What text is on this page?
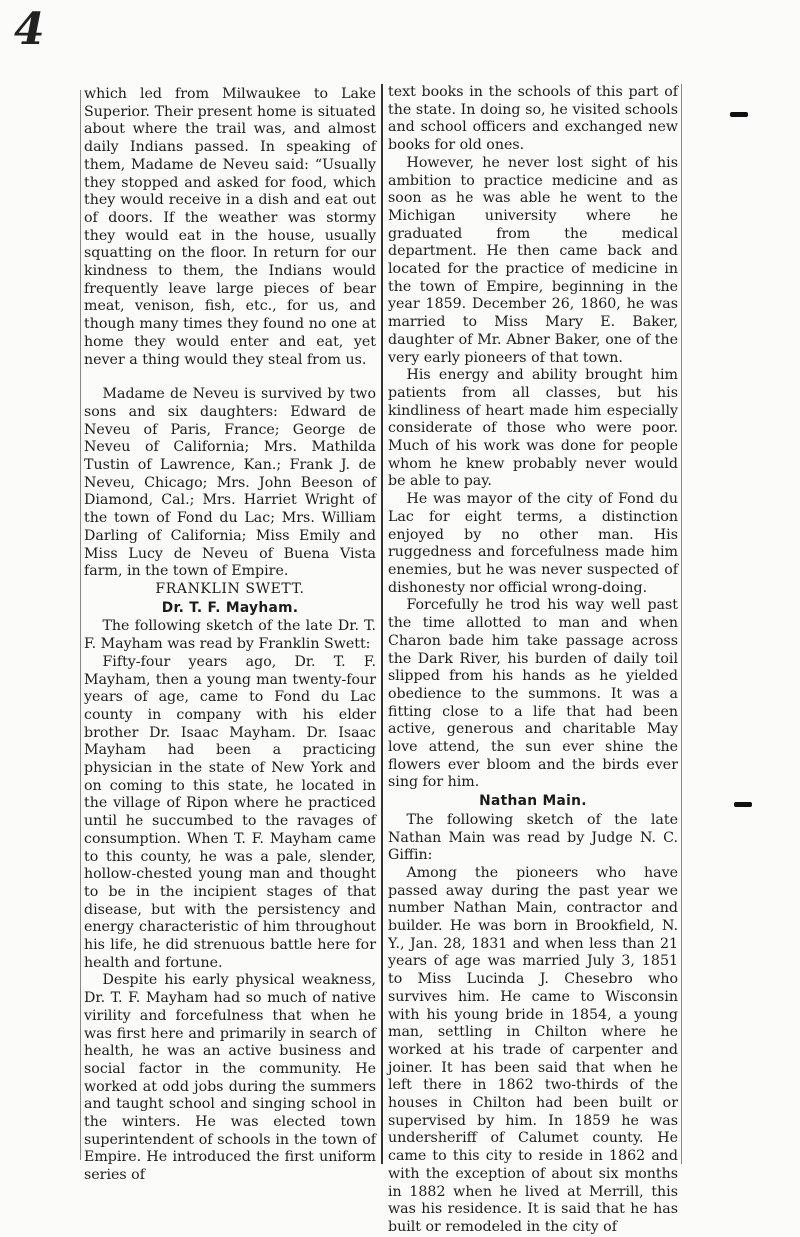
4

which led from Milwaukee to Lake Superior. Their present home is situated about where the trail was, and almost daily Indians passed. In speaking of them, Madame de Neveu said: “Usually they stopped and asked for food, which they would receive in a dish and eat out of doors. If the weather was stormy they would eat in the house, usually squatting on the floor. In return for our kindness to them, the Indians would frequently leave large pieces of bear meat, venison, fish, etc., for us, and though many times they found no one at home they would enter and eat, yet never a thing would they steal from us.

Madame de Neveu is survived by two sons and six daughters: Edward de Neveu of Paris, France; George de Neveu of California; Mrs. Mathilda Tustin of Lawrence, Kan.; Frank J. de Neveu, Chicago; Mrs. John Beeson of Diamond, Cal.; Mrs. Harriet Wright of the town of Fond du Lac; Mrs. William Darling of California; Miss Emily and Miss Lucy de Neveu of Buena Vista farm, in the town of Empire.

FRANKLIN SWETT.

Dr. T. F. Mayham.

The following sketch of the late Dr. T. F. Mayham was read by Franklin Swett:

Fifty-four years ago, Dr. T. F. Mayham, then a young man twenty-four years of age, came to Fond du Lac county in company with his elder brother Dr. Isaac Mayham. Dr. Isaac Mayham had been a practicing physician in the state of New York and on coming to this state, he located in the village of Ripon where he practiced until he succumbed to the ravages of consumption. When T. F. Mayham came to this county, he was a pale, slender, hollow-chested young man and thought to be in the incipient stages of that disease, but with the persistency and energy characteristic of him throughout his life, he did strenuous battle here for health and fortune.

Despite his early physical weakness, Dr. T. F. Mayham had so much of native virility and forcefulness that when he was first here and primarily in search of health, he was an active business and social factor in the community. He worked at odd jobs during the summers and taught school and singing school in the winters. He was elected town superintendent of schools in the town of Empire. He introduced the first uniform series of

text books in the schools of this part of the state. In doing so, he visited schools and school officers and exchanged new books for old ones.

However, he never lost sight of his ambition to practice medicine and as soon as he was able he went to the Michigan university where he graduated from the medical department. He then came back and located for the practice of medicine in the town of Empire, beginning in the year 1859. December 26, 1860, he was married to Miss Mary E. Baker, daughter of Mr. Abner Baker, one of the very early pioneers of that town.

His energy and ability brought him patients from all classes, but his kindliness of heart made him especially considerate of those who were poor. Much of his work was done for people whom he knew probably never would be able to pay.

He was mayor of the city of Fond du Lac for eight terms, a distinction enjoyed by no other man. His ruggedness and forcefulness made him enemies, but he was never suspected of dishonesty nor official wrong-doing.

Forcefully he trod his way well past the time allotted to man and when Charon bade him take passage across the Dark River, his burden of daily toil slipped from his hands as he yielded obedience to the summons. It was a fitting close to a life that had been active, generous and charitable May love attend, the sun ever shine the flowers ever bloom and the birds ever sing for him.

Nathan Main.

The following sketch of the late Nathan Main was read by Judge N. C. Giffin:

Among the pioneers who have passed away during the past year we number Nathan Main, contractor and builder. He was born in Brookfield, N. Y., Jan. 28, 1831 and when less than 21 years of age was married July 3, 1851 to Miss Lucinda J. Chesebro who survives him. He came to Wisconsin with his young bride in 1854, a young man, settling in Chilton where he worked at his trade of carpenter and joiner. It has been said that when he left there in 1862 two-thirds of the houses in Chilton had been built or supervised by him. In 1859 he was undersheriff of Calumet county. He came to this city to reside in 1862 and with the exception of about six months in 1882 when he lived at Merrill, this was his residence. It is said that he has built or remodeled in the city of
